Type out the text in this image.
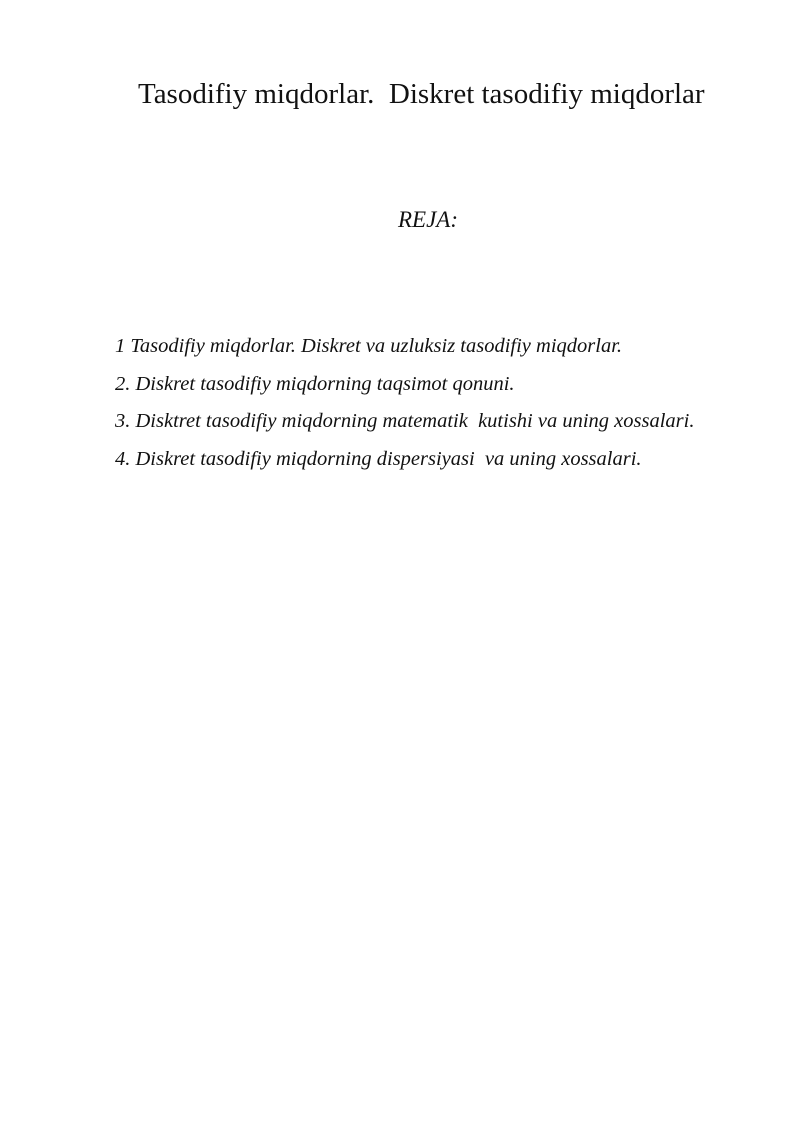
Tasodifiy miqdorlar.  Diskret tasodifiy miqdorlar
REJA:
1 Tasodifiy miqdorlar. Diskret va uzluksiz tasodifiy miqdorlar.
2. Diskret tasodifiy miqdorning taqsimot qonuni.
3. Disktret tasodifiy miqdorning matematik  kutishi va uning xossalari.
4. Diskret tasodifiy miqdorning dispersiyasi  va uning xossalari.
